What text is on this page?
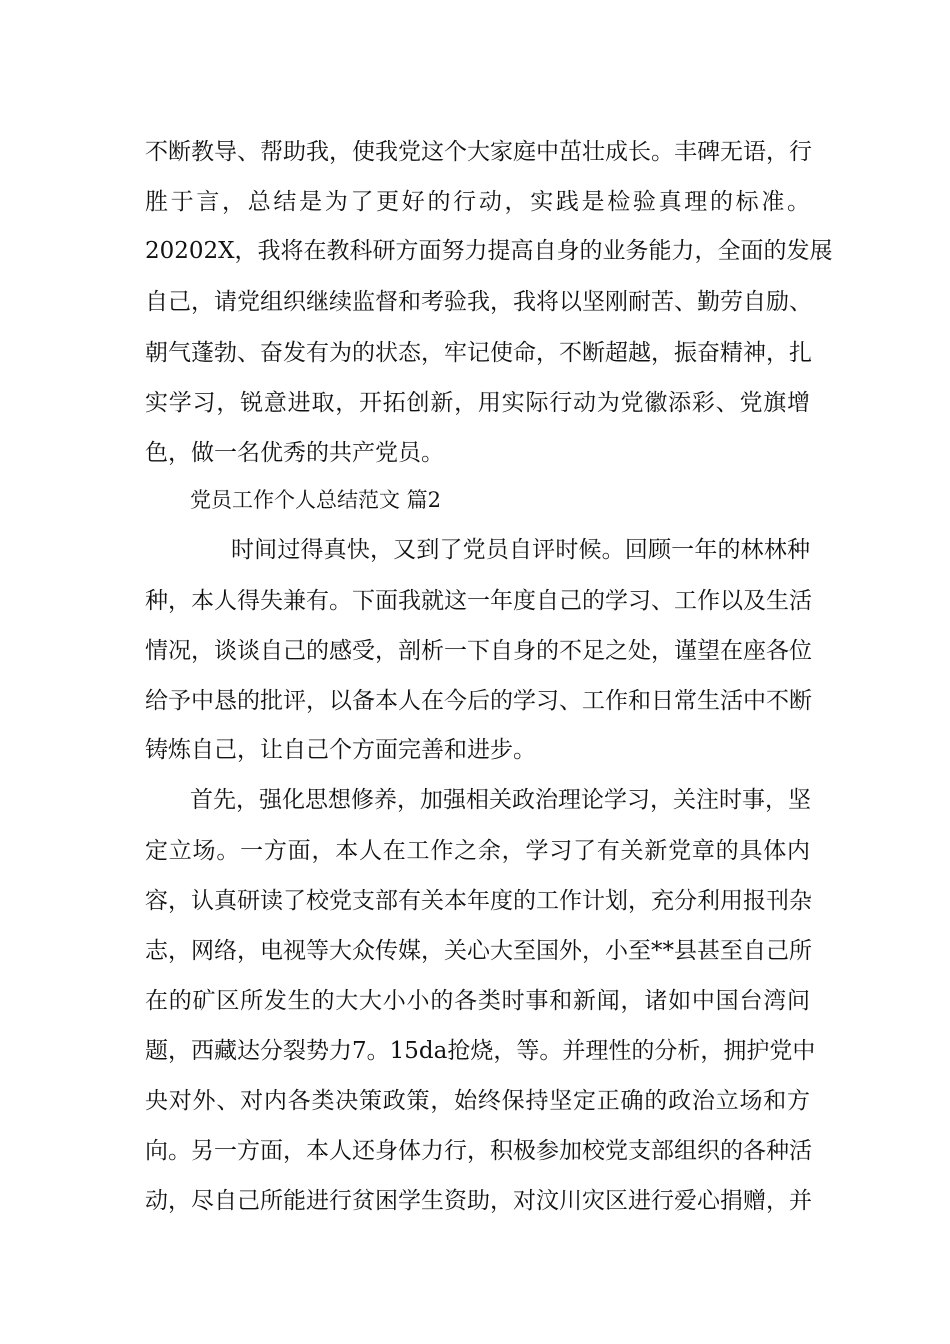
不断教导、帮助我，使我党这个大家庭中茁壮成长。丰碑无语，行
胜于言，总结是为了更好的行动，实践是检验真理的标准。
20202X，我将在教科研方面努力提高自身的业务能力，全面的发展
自己，请党组织继续监督和考验我，我将以坚刚耐苦、勤劳自励、
朝气蓬勃、奋发有为的状态，牢记使命，不断超越，振奋精神，扎
实学习，锐意进取，开拓创新，用实际行动为党徽添彩、党旗增
色，做一名优秀的共产党员。
党员工作个人总结范文 篇2
时间过得真快，又到了党员自评时候。回顾一年的林林种
种，本人得失兼有。下面我就这一年度自己的学习、工作以及生活
情况，谈谈自己的感受，剖析一下自身的不足之处，谨望在座各位
给予中恳的批评，以备本人在今后的学习、工作和日常生活中不断
铸炼自己，让自己个方面完善和进步。
首先，强化思想修养，加强相关政治理论学习，关注时事，坚
定立场。一方面，本人在工作之余，学习了有关新党章的具体内
容，认真研读了校党支部有关本年度的工作计划，充分利用报刊杂
志，网络，电视等大众传媒，关心大至国外，小至**县甚至自己所
在的矿区所发生的大大小小的各类时事和新闻，诸如中国台湾问
题，西藏达分裂势力7。15da抢烧，等。并理性的分析，拥护党中
央对外、对内各类决策政策，始终保持坚定正确的政治立场和方
向。另一方面，本人还身体力行，积极参加校党支部组织的各种活
动，尽自己所能进行贫困学生资助，对汶川灾区进行爱心捐赠，并
